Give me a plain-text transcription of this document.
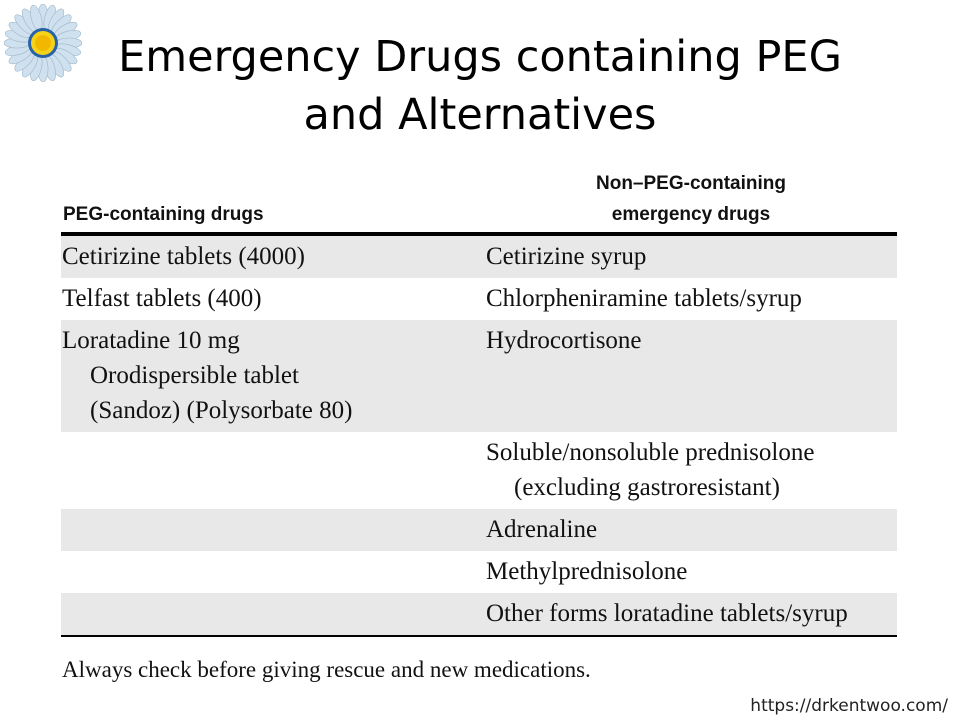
Emergency Drugs containing PEG
and Alternatives
PEG-containing drugs
Non–PEG-containing
emergency drugs
Cetirizine tablets (4000)	Cetirizine syrup
Telfast tablets (400)	Chlorpheniramine tablets/syrup
Loratadine 10 mg
Orodispersible tablet
(Sandoz) (Polysorbate 80)
Hydrocortisone
Soluble/nonsoluble prednisolone
(excluding gastroresistant)
Adrenaline
Methylprednisolone
Other forms loratadine tablets/syrup
Always check before giving rescue and new medications.
https://drkentwoo.com/
